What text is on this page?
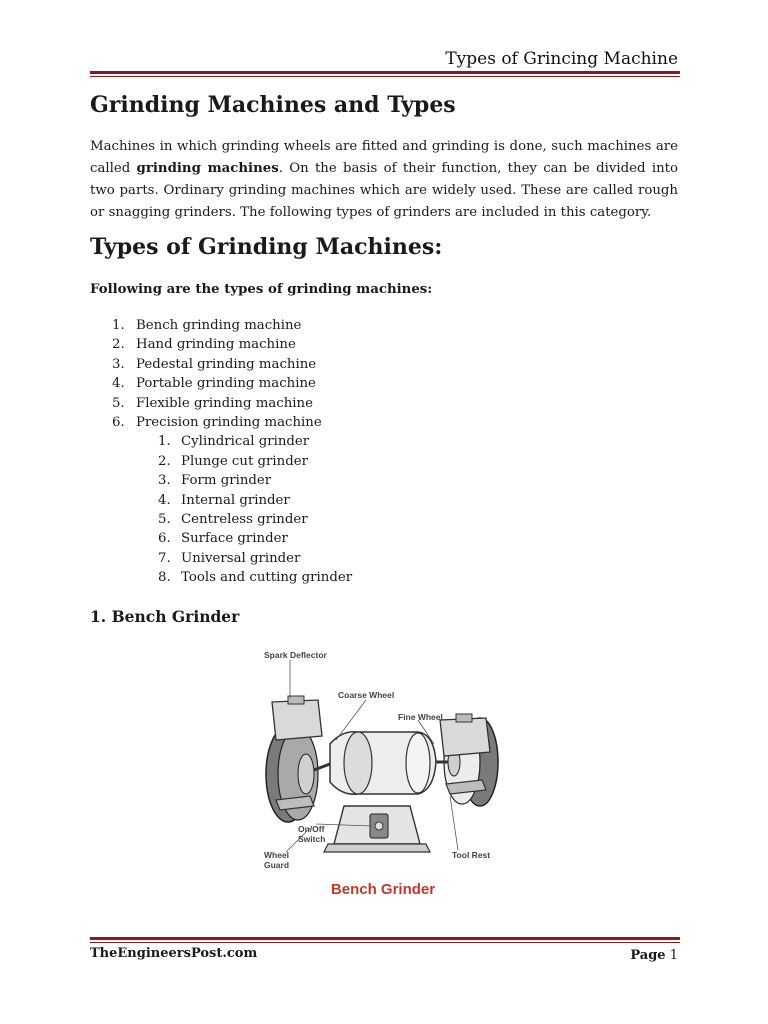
Types of Grincing Machine
Grinding Machines and Types

Machines in which grinding wheels are fitted and grinding is done, such machines are called grinding machines. On the basis of their function, they can be divided into two parts. Ordinary grinding machines which are widely used. These are called rough or snagging grinders. The following types of grinders are included in this category.

Types of Grinding Machines:

Following are the types of grinding machines:

1. Bench grinding machine
2. Hand grinding machine
3. Pedestal grinding machine
4. Portable grinding machine
5. Flexible grinding machine
6. Precision grinding machine
1. Cylindrical grinder
2. Plunge cut grinder
3. Form grinder
4. Internal grinder
5. Centreless grinder
6. Surface grinder
7. Universal grinder
8. Tools and cutting grinder
1. Bench Grinder
Spark Deflector
Coarse Wheel
Fine Wheel
On/Off
Switch
Wheel
Guard
Tool Rest
Bench Grinder
TheEngineersPost.com	Page 1
